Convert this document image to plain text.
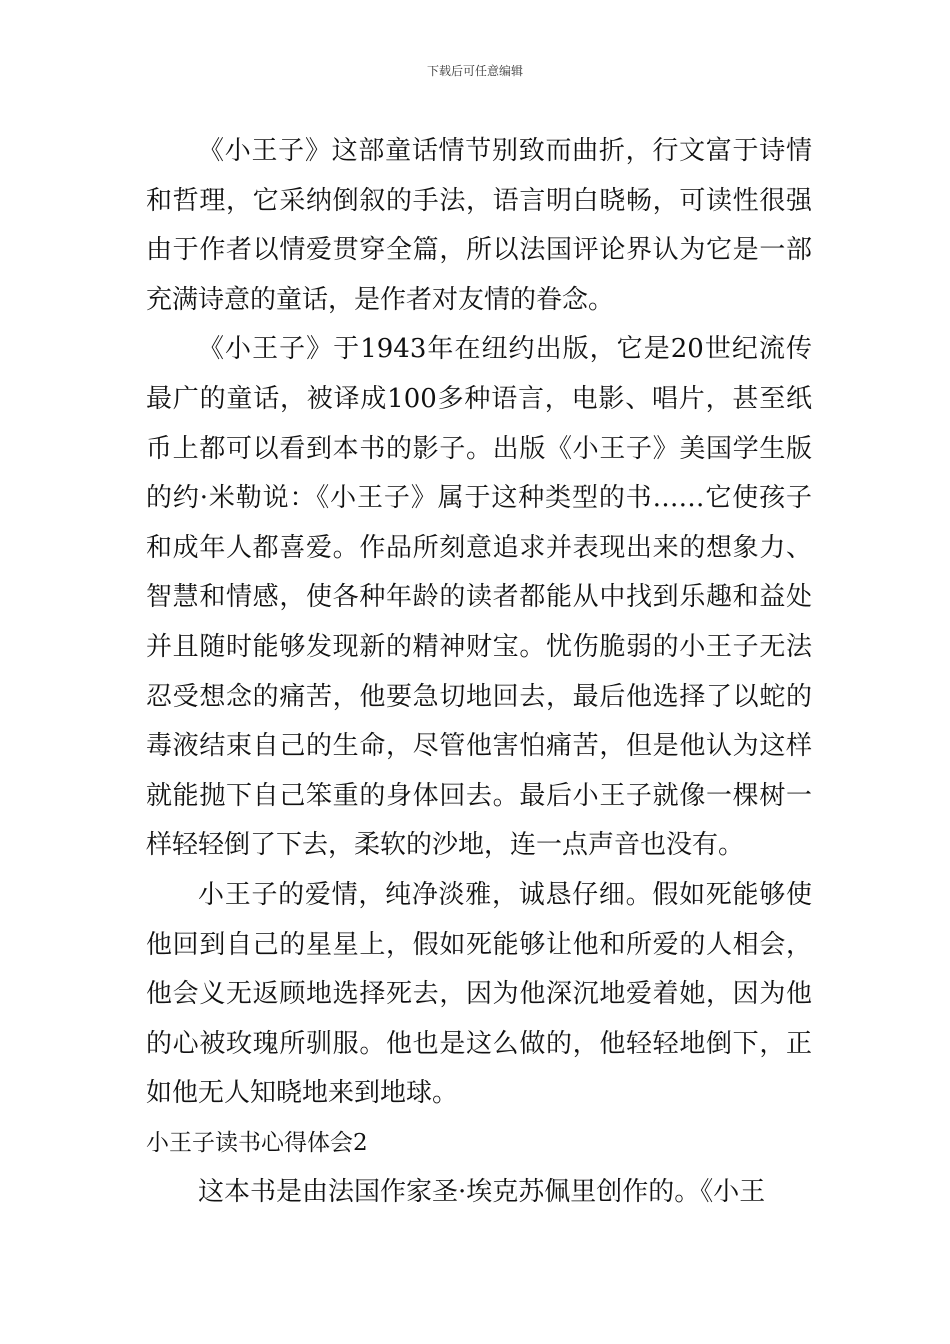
下载后可任意编辑

《小王子》这部童话情节别致而曲折，行文富于诗情和哲理，它采纳倒叙的手法，语言明白晓畅，可读性很强由于作者以情爱贯穿全篇，所以法国评论界认为它是一部充满诗意的童话，是作者对友情的眷念。

《小王子》于1943年在纽约出版，它是20世纪流传最广的童话，被译成100多种语言，电影、唱片，甚至纸币上都可以看到本书的影子。出版《小王子》美国学生版的约·米勒说：《小王子》属于这种类型的书……它使孩子和成年人都喜爱。作品所刻意追求并表现出来的想象力、智慧和情感，使各种年龄的读者都能从中找到乐趣和益处并且随时能够发现新的精神财宝。忧伤脆弱的小王子无法忍受想念的痛苦，他要急切地回去，最后他选择了以蛇的毒液结束自己的生命，尽管他害怕痛苦，但是他认为这样就能抛下自己笨重的身体回去。最后小王子就像一棵树一样轻轻倒了下去，柔软的沙地，连一点声音也没有。

小王子的爱情，纯净淡雅，诚恳仔细。假如死能够使他回到自己的星星上，假如死能够让他和所爱的人相会，他会义无返顾地选择死去，因为他深沉地爱着她，因为他的心被玫瑰所驯服。他也是这么做的，他轻轻地倒下，正如他无人知晓地来到地球。

小王子读书心得体会2

这本书是由法国作家圣·埃克苏佩里创作的。《小王
